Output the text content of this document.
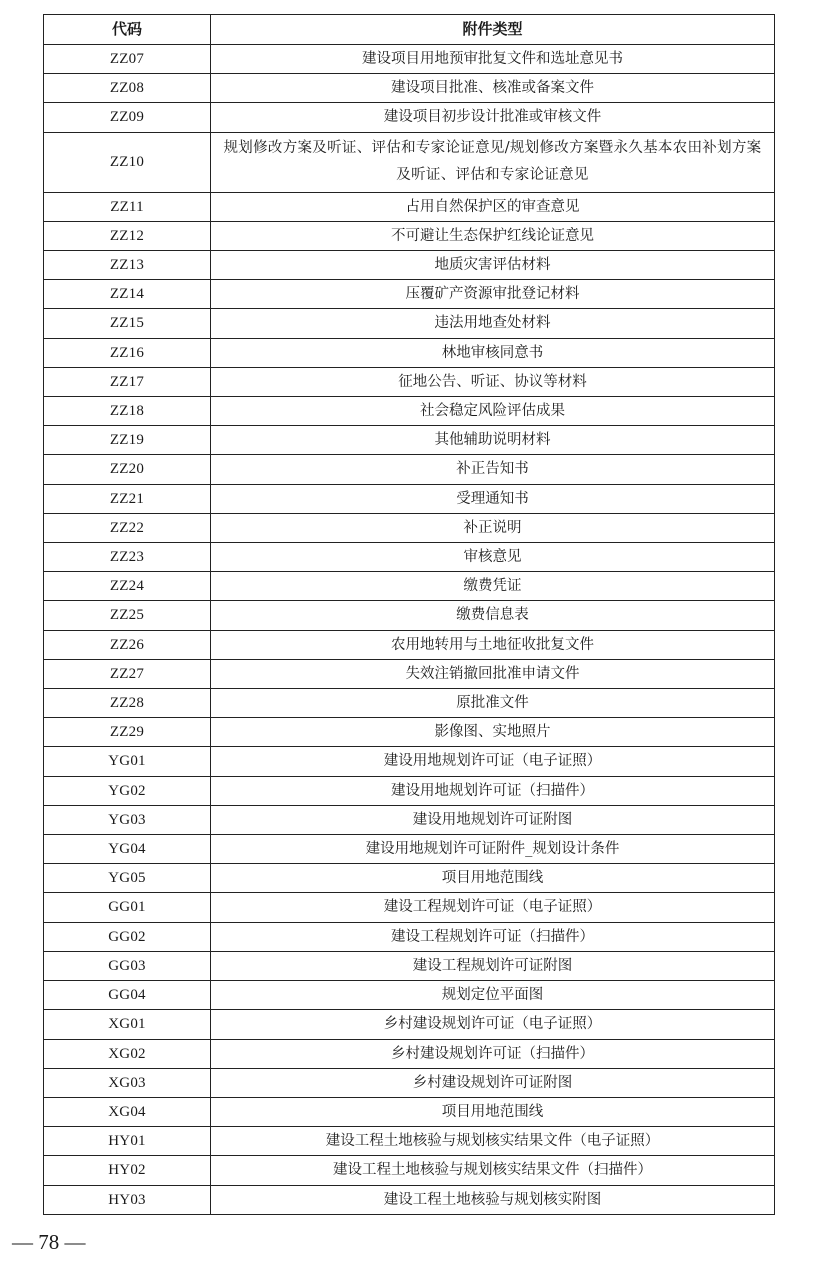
代码	附件类型
ZZ07	建设项目用地预审批复文件和选址意见书
ZZ08	建设项目批准、核准或备案文件
ZZ09	建设项目初步设计批准或审核文件
ZZ10	规划修改方案及听证、评估和专家论证意见/规划修改方案暨永久基本农田补划方案及听证、评估和专家论证意见
ZZ11	占用自然保护区的审查意见
ZZ12	不可避让生态保护红线论证意见
ZZ13	地质灾害评估材料
ZZ14	压覆矿产资源审批登记材料
ZZ15	违法用地查处材料
ZZ16	林地审核同意书
ZZ17	征地公告、听证、协议等材料
ZZ18	社会稳定风险评估成果
ZZ19	其他辅助说明材料
ZZ20	补正告知书
ZZ21	受理通知书
ZZ22	补正说明
ZZ23	审核意见
ZZ24	缴费凭证
ZZ25	缴费信息表
ZZ26	农用地转用与土地征收批复文件
ZZ27	失效注销撤回批准申请文件
ZZ28	原批准文件
ZZ29	影像图、实地照片
YG01	建设用地规划许可证（电子证照）
YG02	建设用地规划许可证（扫描件）
YG03	建设用地规划许可证附图
YG04	建设用地规划许可证附件_规划设计条件
YG05	项目用地范围线
GG01	建设工程规划许可证（电子证照）
GG02	建设工程规划许可证（扫描件）
GG03	建设工程规划许可证附图
GG04	规划定位平面图
XG01	乡村建设规划许可证（电子证照）
XG02	乡村建设规划许可证（扫描件）
XG03	乡村建设规划许可证附图
XG04	项目用地范围线
HY01	建设工程土地核验与规划核实结果文件（电子证照）
HY02	建设工程土地核验与规划核实结果文件（扫描件）
HY03	建设工程土地核验与规划核实附图
— 78 —
